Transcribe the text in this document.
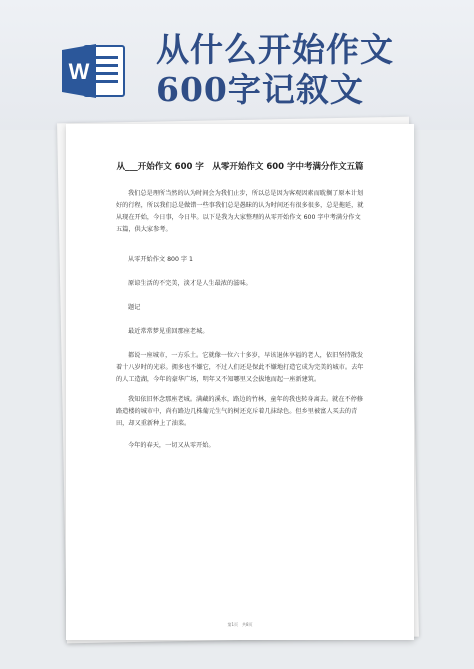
W
从什么开始作文600字记叙文
从___开始作文 600 字　从零开始作文 600 字中考满分作文五篇
我们总是理所当然的认为时间会为我们止步，所以总是因为客观因素而耽搁了原本计划好的行程，所以我们总是做错一些事我们总是愚昧的认为时间还有很多很多，总是拖延，就从现在开始，今日事，今日毕。以下是我为大家整理的从零开始作文 600 字中考满分作文五篇，供大家参考。
从零开始作文 800 字 1
原谅生活的不完美，淡才是人生最浓的滋味。
题记
最近常常梦见重回那座老城。
都说一座城市，一方乐土。它就像一位六十多岁，早该退休享福的老人，依旧坚持散发着十八岁时的光彩。拥多也不嫌它，不过人们还是保此不嫌地打造它成为完美的城市。去年的人工造湖，今年的豪华广场，明年又不知哪里又会拔地而起一座新建筑。
我知依旧怀念那座老城。满藏的溪水，路边的竹林，童年的我也转身离去。就在不停修路造楼的城市中，尚有路边几株葡元生气的树还克斥着几抹绿色。但乡里被富人买去的青田，却又重新种上了油菜。
今年的春天，一切又从零开始。
第1页　共8页
